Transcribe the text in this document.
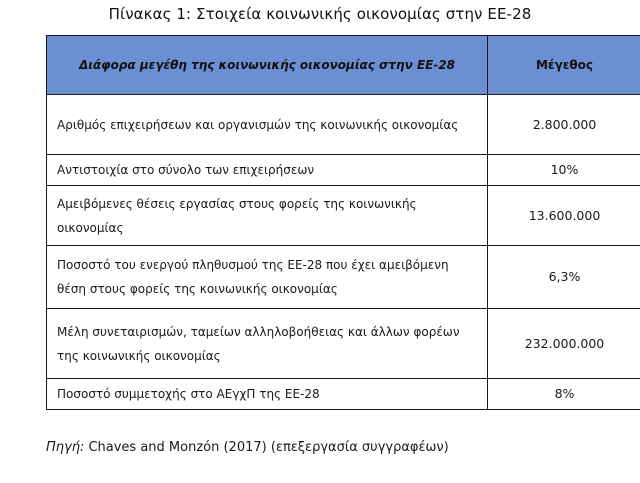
Πίνακας 1: Στοιχεία κοινωνικής οικονομίας στην ΕΕ-28
Διάφορα μεγέθη της κοινωνικής οικονομίας στην ΕΕ-28	Μέγεθος
Αριθμός επιχειρήσεων και οργανισμών της κοινωνικής οικονομίας	2.800.000
Αντιστοιχία στο σύνολο των επιχειρήσεων	10%
Αμειβόμενες θέσεις εργασίας στους φορείς της κοινωνικής οικονομίας	13.600.000
Ποσοστό του ενεργού πληθυσμού της ΕΕ-28 που έχει αμειβόμενη θέση στους φορείς της κοινωνικής οικονομίας	6,3%
Μέλη συνεταιρισμών, ταμείων αλληλοβοήθειας και άλλων φορέων της κοινωνικής οικονομίας	232.000.000
Ποσοστό συμμετοχής στο ΑΕγχΠ της ΕΕ-28	8%
Πηγή: Chaves and Monzón (2017) (επεξεργασία συγγραφέων)
